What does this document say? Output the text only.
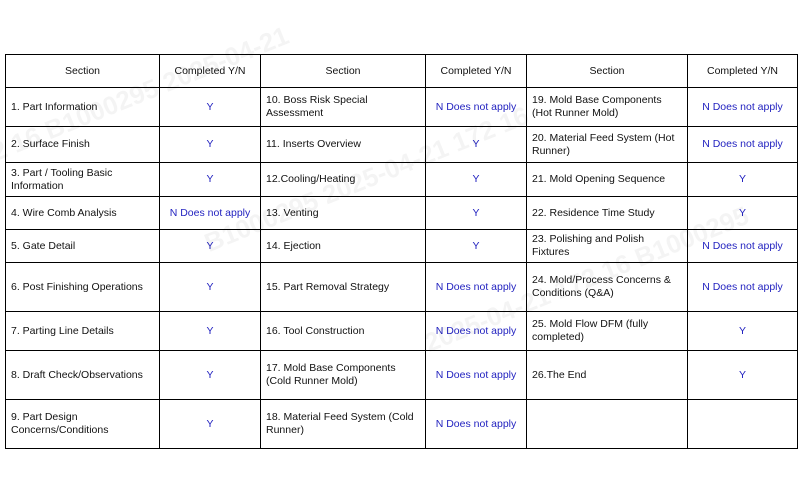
Section	Completed Y/N	Section	Completed Y/N	Section	Completed Y/N
1. Part Information	Y	10. Boss Risk Special Assessment	N Does not apply	19. Mold Base Components (Hot Runner Mold)	N Does not apply
2. Surface Finish	Y	11. Inserts Overview	Y	20. Material Feed System (Hot Runner)	N Does not apply
3. Part / Tooling Basic Information	Y	12.Cooling/Heating	Y	21. Mold Opening Sequence	Y
4. Wire Comb Analysis	N Does not apply	13. Venting	Y	22. Residence Time Study	Y
5. Gate Detail	Y	14. Ejection	Y	23. Polishing and Polish Fixtures	N Does not apply
6. Post Finishing Operations	Y	15. Part Removal Strategy	N Does not apply	24. Mold/Process Concerns & Conditions (Q&A)	N Does not apply
7. Parting Line Details	Y	16. Tool Construction	N Does not apply	25. Mold Flow DFM (fully completed)	Y
8. Draft Check/Observations	Y	17. Mold Base Components (Cold Runner Mold)	N Does not apply	26.The End	Y
9. Part Design Concerns/Conditions	Y	18. Material Feed System (Cold Runner)	N Does not apply		
